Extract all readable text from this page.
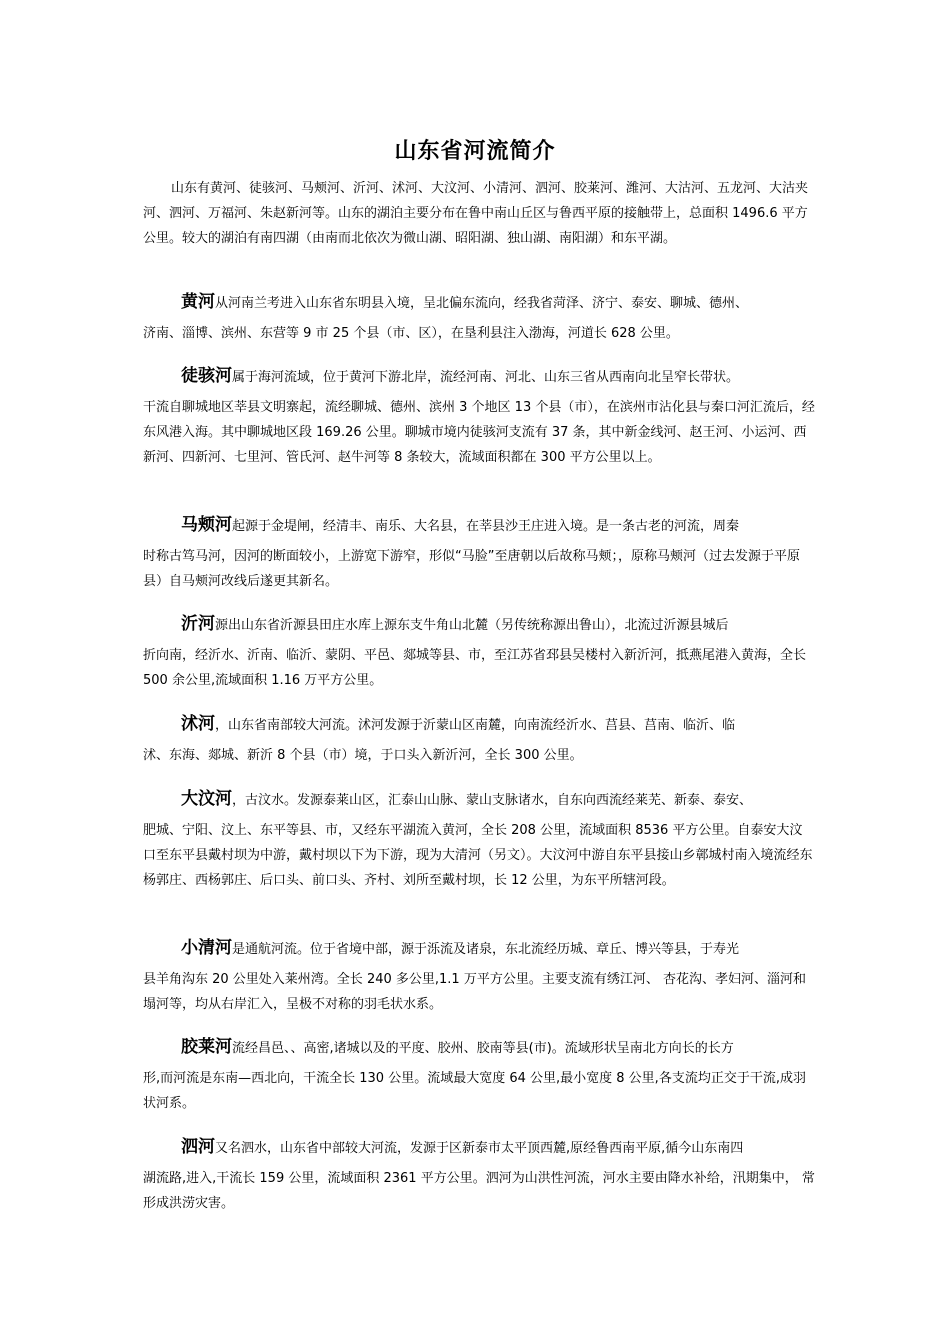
山东省河流简介

山东有黄河、徒骇河、马颊河、沂河、沭河、大汶河、小清河、泗河、胶莱河、潍河、大沽河、五龙河、大沽夹河、泗河、万福河、朱赵新河等。山东的湖泊主要分布在鲁中南山丘区与鲁西平原的接触带上，总面积 1496.6 平方公里。较大的湖泊有南四湖（由南而北依次为微山湖、昭阳湖、独山湖、南阳湖）和东平湖。

黄河从河南兰考进入山东省东明县入境，呈北偏东流向，经我省菏泽、济宁、泰安、聊城、德州、
济南、淄博、滨州、东营等 9 市 25 个县（市、区），在垦利县注入渤海，河道长 628 公里。
徒骇河属于海河流域，位于黄河下游北岸，流经河南、河北、山东三省从西南向北呈窄长带状。
干流自聊城地区莘县文明寨起，流经聊城、德州、滨州 3 个地区 13 个县（市），在滨州市沾化县与秦口河汇流后，经东风港入海。其中聊城地区段 169.26 公里。聊城市境内徒骇河支流有 37 条，其中新金线河、赵王河、小运河、西新河、四新河、七里河、管氏河、赵牛河等 8 条较大，流域面积都在 300 平方公里以上。
马颊河起源于金堤闸，经清丰、南乐、大名县，在莘县沙王庄进入境。是一条古老的河流，周秦
时称古笃马河，因河的断面较小，上游宽下游窄，形似“马脸”至唐朝以后故称马颊；，原称马颊河（过去发源于平原县）自马颊河改线后遂更其新名。
沂河源出山东省沂源县田庄水库上源东支牛角山北麓（另传统称源出鲁山），北流过沂源县城后
折向南，经沂水、沂南、临沂、蒙阴、平邑、郯城等县、市，至江苏省邳县吴楼村入新沂河，抵燕尾港入黄海，全长 500 余公里,流域面积 1.16 万平方公里。
沭河，山东省南部较大河流。沭河发源于沂蒙山区南麓，向南流经沂水、莒县、莒南、临沂、临
沭、东海、郯城、新沂 8 个县（市）境，于口头入新沂河，全长 300 公里。
大汶河，古汶水。发源泰莱山区，汇泰山山脉、蒙山支脉诸水，自东向西流经莱芜、新泰、泰安、
肥城、宁阳、汶上、东平等县、市，又经东平湖流入黄河，全长 208 公里，流域面积 8536 平方公里。自泰安大汶口至东平县戴村坝为中游，戴村坝以下为下游，现为大清河（另文）。大汶河中游自东平县接山乡鄣城村南入境流经东杨郭庄、西杨郭庄、后口头、前口头、齐村、刘所至戴村坝，长 12 公里，为东平所辖河段。
小清河是通航河流。位于省境中部，源于泺流及诸泉，东北流经历城、章丘、博兴等县，于寿光
县羊角沟东 20 公里处入莱州湾。全长 240 多公里,1.1 万平方公里。主要支流有绣江河、 杏花沟、孝妇河、淄河和塌河等，均从右岸汇入，呈极不对称的羽毛状水系。
胶莱河流经昌邑、、高密,诸城以及的平度、胶州、胶南等县(市)。流域形状呈南北方向长的长方
形,而河流是东南—西北向，干流全长 130 公里。流域最大宽度 64 公里,最小宽度 8 公里,各支流均正交于干流,成羽状河系。
泗河又名泗水，山东省中部较大河流，发源于区新泰市太平顶西麓,原经鲁西南平原,循今山东南四
湖流路,进入,干流长 159 公里，流域面积 2361 平方公里。泗河为山洪性河流，河水主要由降水补给，汛期集中， 常形成洪涝灾害。
